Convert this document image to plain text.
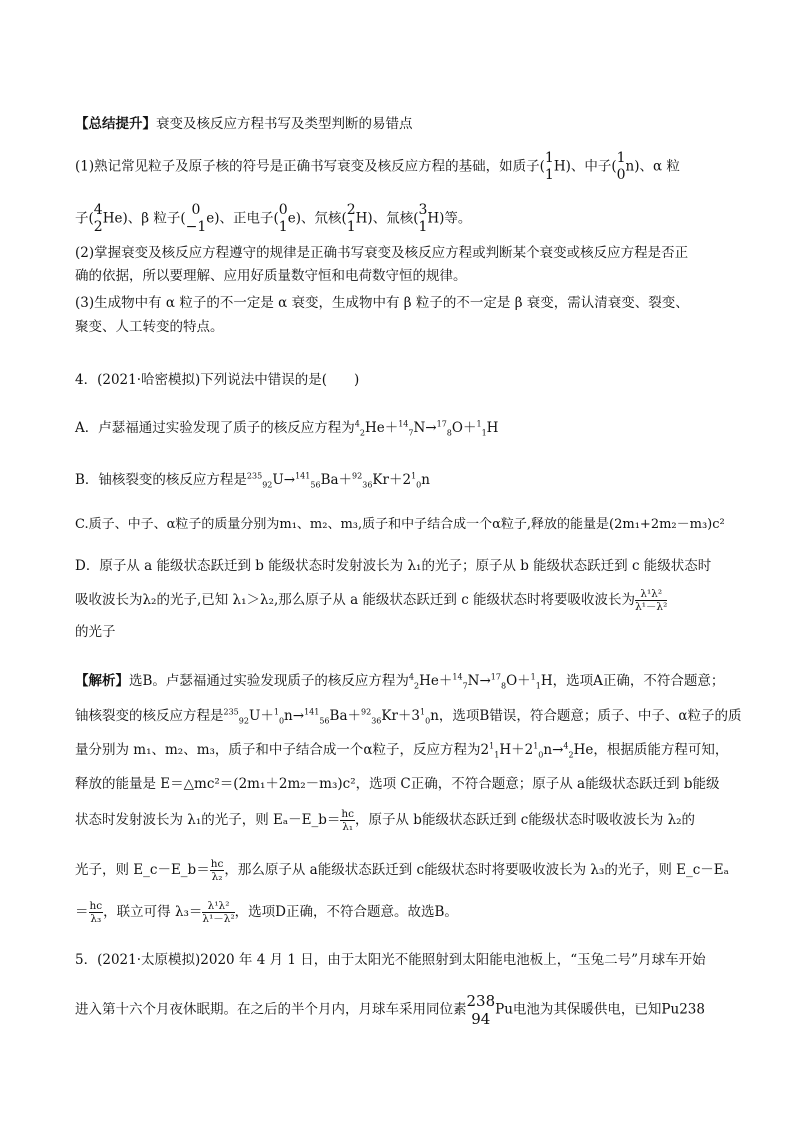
【总结提升】衰变及核反应方程书写及类型判断的易错点
(1)熟记常见粒子及原子核的符号是正确书写衰变及核反应方程的基础，如质子(1
1H)、中子(1
0n)、α 粒
子(4
2He)、β 粒子(0
−1e)、正电子(0
1e)、氘核(2
1H)、氚核(3
1H)等。
(2)掌握衰变及核反应方程遵守的规律是正确书写衰变及核反应方程或判断某个衰变或核反应方程是否正
确的依据，所以要理解、应用好质量数守恒和电荷数守恒的规律。
(3)生成物中有 α 粒子的不一定是 α 衰变，生成物中有 β 粒子的不一定是 β 衰变，需认清衰变、裂变、
聚变、人工转变的特点。
4．(2021·哈密模拟)下列说法中错误的是(　　)
A．卢瑟福通过实验发现了质子的核反应方程为$^4_2$He＋$^{14}_7$N→$^{17}_8$O＋$^1_1$H
B．铀核裂变的核反应方程是$^{235}_{92}U\to^{141}_{56}Ba+^{92}_{36}Kr+2^1_0n$
C.质子、中子、α粒子的质量分别为m₁、m₂、m₃,质子和中子结合成一个α粒子,释放的能量是(2m₁+2m₂－m₃)c²
D．原子从 a 能级状态跃迁到 b 能级状态时发射波长为 λ₁的光子；原子从 b 能级状态跃迁到 c 能级状态时
吸收波长为λ₂的光子,已知 λ₁＞λ₂,那么原子从 a 能级状态跃迁到 c 能级状态时将要吸收波长为 $\frac{\text{λ¹λ²}}{\text{λ¹－λ²}}$
的光子
【解析】选B。卢瑟福通过实验发现质子的核反应方程为$^4_2$He＋$^{14}_7$N→$^{17}_8$O＋$^1_1$H，选项A正确，不符合题意；
铀核裂变的核反应方程是$^{235}_{92}U+^1_0n\to^{141}_{56}Ba+^{92}_{36}Kr+3^1_0n$，选项B错误，符合题意；质子、中子、α粒子的质
量分别为 m₁、m₂、m₃，质子和中子结合成一个α粒子，反应方程为$2^1_1H+2^1_0n\to^4_2He$，根据质能方程可知，
释放的能量是 E＝△mc²＝(2m₁＋2m₂－m₃)c²，选项 C正确，不符合题意；原子从 a能级状态跃迁到 b能级
状态时发射波长为 λ₁的光子，则 Eₐ－E_b＝ $\frac{hc}{\text{λ₁}}$ ，原子从 b能级状态跃迁到 c能级状态时吸收波长为 λ₂的
光子，则 E_c－E_b＝ $\frac{hc}{\text{λ₂}}$ ，那么原子从 a能级状态跃迁到 c能级状态时将要吸收波长为 λ₃的光子，则 E_c－Eₐ
＝ $\frac{hc}{\text{λ₃}}$ ，联立可得 $\lambda_3= \frac{\text{λ¹λ²}}{\text{λ¹－λ²}}$ ，选项D正确，不符合题意。故选B。
5．(2021·太原模拟)2020 年 4 月 1 日，由于太阳光不能照射到太阳能电池板上，“玉兔二号”月球车开始
进入第十六个月夜休眠期。在之后的半个月内，月球车采用同位素238
94Pu电池为其保暖供电，已知Pu238
